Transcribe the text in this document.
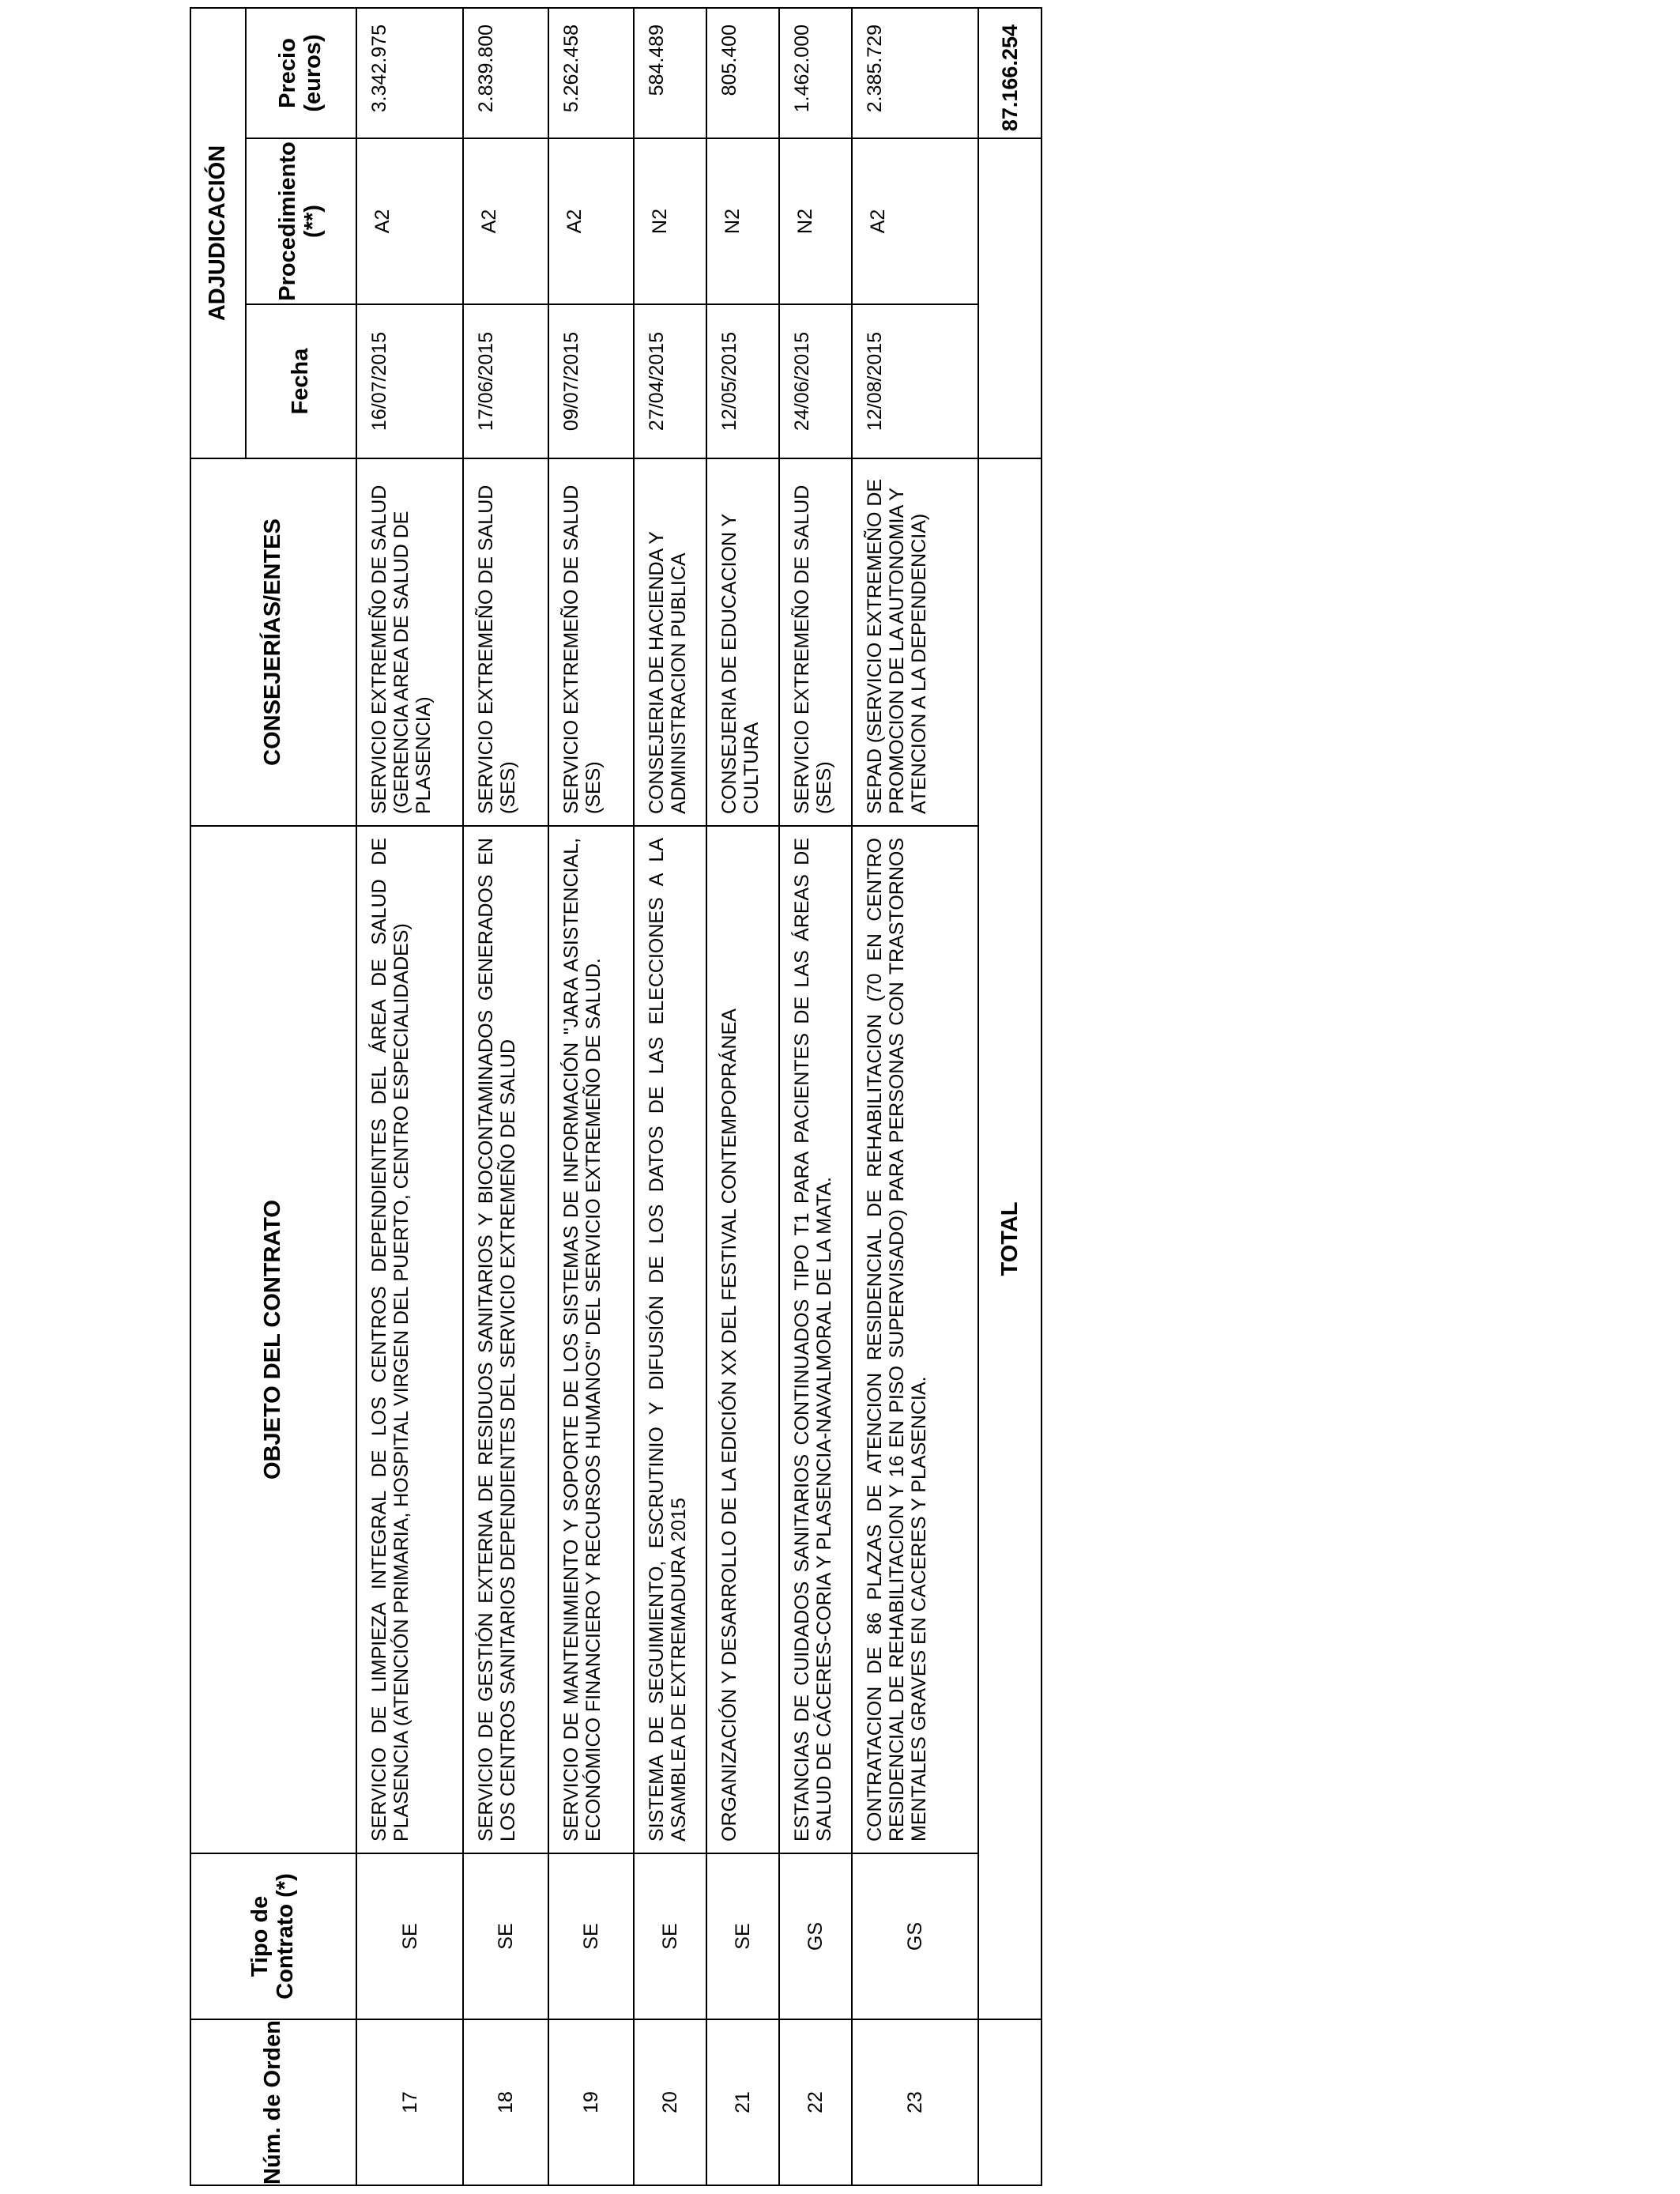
Núm. de Orden	Tipo de Contrato (*)	OBJETO DEL CONTRATO	CONSEJERÍAS/ENTES	ADJUDICACIÓN		
				Fecha	Procedimiento (**)	Precio (euros)
17	SE	SERVICIO DE LIMPIEZA INTEGRAL DE LOS CENTROS DEPENDIENTES DEL ÁREA DE SALUD DE PLASENCIA (ATENCIÓN PRIMARIA, HOSPITAL VIRGEN DEL PUERTO, CENTRO ESPECIALIDADES)	SERVICIO EXTREMEÑO DE SALUD (GERENCIA AREA DE SALUD DE PLASENCIA)	16/07/2015	A2	3.342.975
18	SE	SERVICIO DE GESTIÓN EXTERNA DE RESIDUOS SANITARIOS Y BIOCONTAMINADOS GENERADOS EN LOS CENTROS SANITARIOS DEPENDIENTES DEL SERVICIO EXTREMEÑO DE SALUD	SERVICIO EXTREMEÑO DE SALUD (SES)	17/06/2015	A2	2.839.800
19	SE	SERVICIO DE MANTENIMIENTO Y SOPORTE DE LOS SISTEMAS DE INFORMACIÓN "JARA ASISTENCIAL, ECONÓMICO FINANCIERO Y RECURSOS HUMANOS" DEL SERVICIO EXTREMEÑO DE SALUD.	SERVICIO EXTREMEÑO DE SALUD (SES)	09/07/2015	A2	5.262.458
20	SE	SISTEMA DE SEGUIMIENTO, ESCRUTINIO Y DIFUSIÓN DE LOS DATOS DE LAS ELECCIONES A LA ASAMBLEA DE EXTREMADURA 2015	CONSEJERIA DE HACIENDA Y ADMINISTRACION PUBLICA	27/04/2015	N2	584.489
21	SE	ORGANIZACIÓN Y DESARROLLO DE LA EDICIÓN XX DEL FESTIVAL CONTEMPOPRÁNEA	CONSEJERIA DE EDUCACION Y CULTURA	12/05/2015	N2	805.400
22	GS	ESTANCIAS DE CUIDADOS SANITARIOS CONTINUADOS TIPO T1 PARA PACIENTES DE LAS ÁREAS DE SALUD DE CÁCERES-CORIA Y PLASENCIA-NAVALMORAL DE LA MATA.	SERVICIO EXTREMEÑO DE SALUD (SES)	24/06/2015	N2	1.462.000
23	GS	CONTRATACION DE 86 PLAZAS DE ATENCION RESIDENCIAL DE REHABILITACION (70 EN CENTRO RESIDENCIAL DE REHABILITACION Y 16 EN PISO SUPERVISADO) PARA PERSONAS CON TRASTORNOS MENTALES GRAVES EN CACERES Y PLASENCIA.	SEPAD (SERVICIO EXTREMEÑO DE PROMOCION DE LA AUTONOMIA Y ATENCION A LA DEPENDENCIA)	12/08/2015	A2	2.385.729
	TOTAL					87.166.254
